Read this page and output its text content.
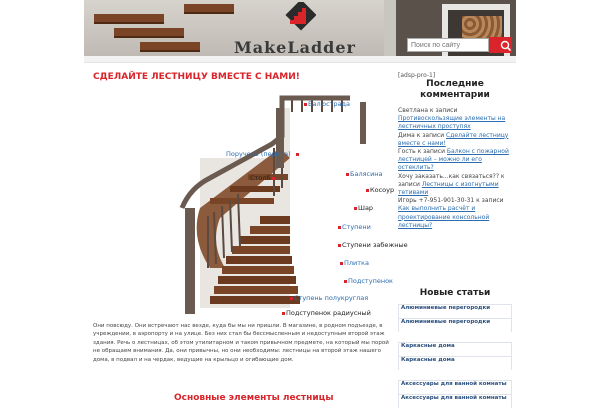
MakeLadder
Поиск по сайту
СДЕЛАЙТЕ ЛЕСТНИЦУ ВМЕСТЕ С НАМИ!
Балюстрада
Поручень (перила)
Столб	Балясина
Косоур
Шар
Ступени
Ступени забежные
Плитка
Подступенок
Ступень полукруглая
Подступенок радиусный
Они повсюду. Они встречают нас везде, куда бы мы ни пришли. В магазине, в родном подъезде, в учреждении, в аэропорту и на улице. Без них стал бы бессмысленным и недоступным второй этаж здания. Речь о лестницах, об этом утилитарном и таком привычном предмете, на который мы порой не обращаем внимания. Да, они привычны, но они необходимы: лестницы на второй этаж нашего дома, в подвал и на чердак, ведущие на крыльцо и огибающие дом.
Основные элементы лестницы
[adsp-pro-1]
Последние комментарии
Светлана к записи
Противоскользящие элементы на лестничных проступях
Дима к записи Сделайте лестницу вместе с нами!
Гость к записи Балкон с пожарной лестницей – можно ли его остеклить?
Хочу заказать...как связаться?? к записи Лестницы с изогнутыми тетивами
Игорь +7-951-901-30-31 к записи Как выполнить расчёт и проектирование консольной лестницы?
Новые статьи
Алюминиевые перегородки
Алюминиевые перегородки
Каркасные дома
Каркасные дома
Аксессуары для ванной комнаты
Аксессуары для ванной комнаты
